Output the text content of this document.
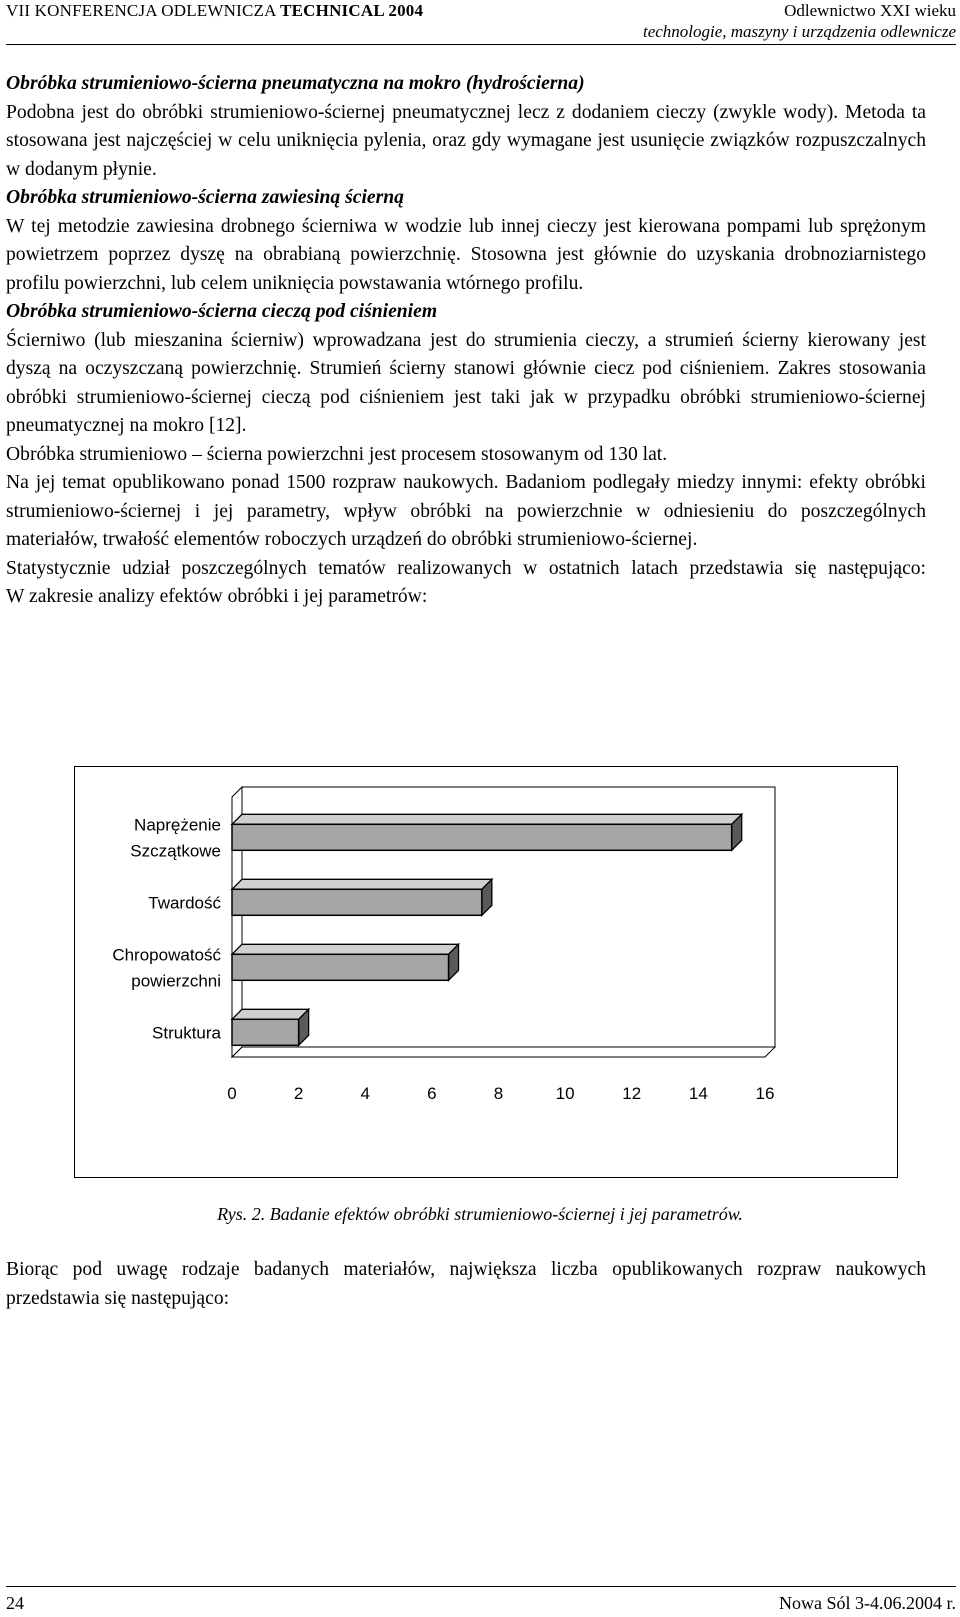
VII KONFERENCJA ODLEWNICZA TECHNICAL 2004	Odlewnictwo XXI wieku
technologie, maszyny i urządzenia odlewnicze
Obróbka strumieniowo-ścierna pneumatyczna na mokro (hydrościerna)

Podobna jest do obróbki strumieniowo-ściernej pneumatycznej lecz z dodaniem cieczy (zwykle wody). Metoda ta stosowana jest najczęściej w celu uniknięcia pylenia, oraz gdy wymagane jest usunięcie związków rozpuszczalnych w dodanym płynie.

Obróbka strumieniowo-ścierna zawiesiną ścierną

W tej metodzie zawiesina drobnego ścierniwa w wodzie lub innej cieczy jest kierowana pompami lub sprężonym powietrzem poprzez dyszę na obrabianą powierzchnię. Stosowna jest głównie do uzyskania drobnoziarnistego profilu powierzchni, lub celem uniknięcia powstawania wtórnego profilu.

Obróbka strumieniowo-ścierna cieczą pod ciśnieniem

Ścierniwo (lub mieszanina ścierniw) wprowadzana jest do strumienia cieczy, a strumień ścierny kierowany jest dyszą na oczyszczaną powierzchnię. Strumień ścierny stanowi głównie ciecz pod ciśnieniem. Zakres stosowania obróbki strumieniowo-ściernej cieczą pod ciśnieniem jest taki jak w przypadku obróbki strumieniowo-ściernej pneumatycznej na mokro [12].

Obróbka strumieniowo – ścierna powierzchni jest procesem stosowanym od 130 lat.

Na jej temat opublikowano ponad 1500 rozpraw naukowych. Badaniom podlegały miedzy innymi: efekty obróbki strumieniowo-ściernej i jej parametry, wpływ obróbki na powierzchnie w odniesieniu do poszczególnych materiałów, trwałość elementów roboczych urządzeń do obróbki strumieniowo-ściernej.

Statystycznie udział poszczególnych tematów realizowanych w ostatnich latach przedstawia się następująco:

W zakresie analizy efektów obróbki i jej parametrów:

Naprężenie Szczątkowe
Twardość
Chropowatość powierzchni
Struktura
0	2	4	6	8	10	12	14	16
Rys. 2. Badanie efektów obróbki strumieniowo-ściernej i jej parametrów.

Biorąc pod uwagę rodzaje badanych materiałów, największa liczba opublikowanych rozpraw naukowych przedstawia się następująco:

24	Nowa Sól 3-4.06.2004 r.
